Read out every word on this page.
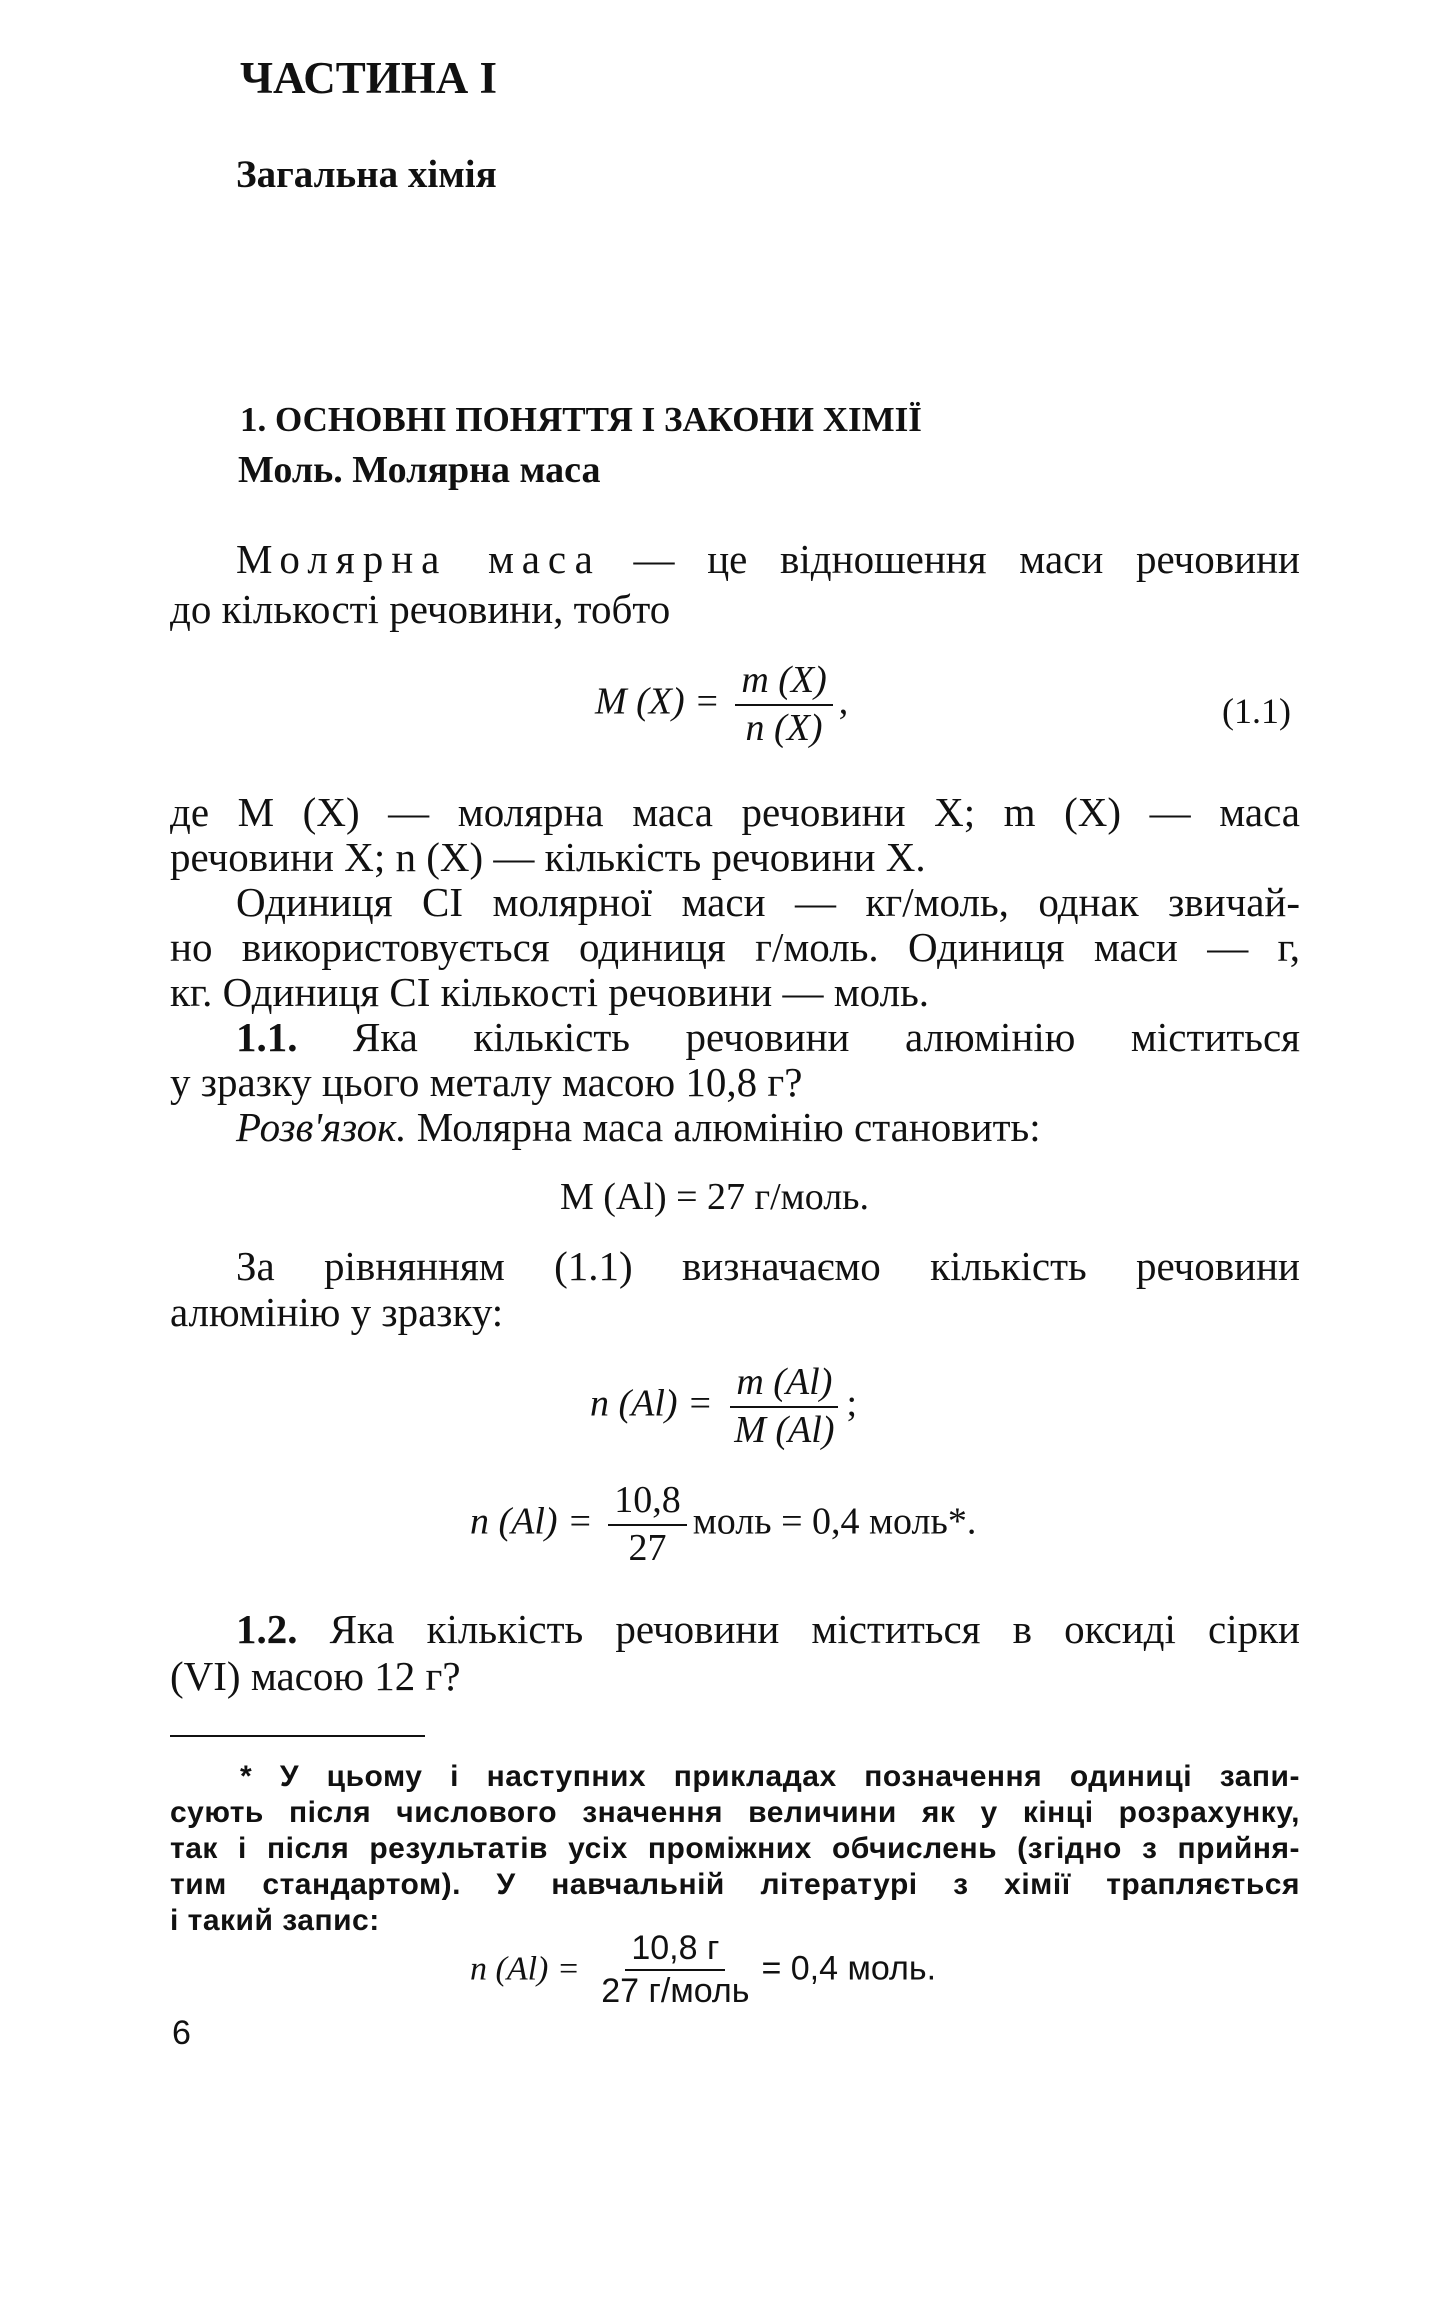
ЧАСТИНА I
Загальна хімія
1. ОСНОВНІ ПОНЯТТЯ І ЗАКОНИ ХІМІЇ
Моль. Молярна маса
Молярна маса — це відношення маси речовини
до кількості речовини, тобто
M $(X) = \frac{m (X)}{n (X)}$ ,	(1.1)
де M (X) — молярна маса речовини X; m (X) — маса
речовини X; n (X) — кількість речовини X.
Одиниця СІ молярної маси — кг/моль, однак звичай-
но використовується одиниця г/моль. Одиниця маси — г,
кг. Одиниця СІ кількості речовини — моль.
1.1. Яка кількість речовини алюмінію міститься
у зразку цього металу масою 10,8 г?
Розв'язок. Молярна маса алюмінію становить:
M (Al) = 27 г/моль.
За рівнянням (1.1) визначаємо кількість речовини
алюмінію у зразку:
n $(Al) = \frac{m (Al)}{M (Al)}$ ;
n $(Al) = \frac{10,8}{27}$ моль = 0,4 моль*.
1.2. Яка кількість речовини міститься в оксиді сірки
(VI) масою 12 г?
* У цьому і наступних прикладах позначення одиниці запи-
сують після числового значення величини як у кінці розрахунку,
так і після результатів усіх проміжних обчислень (згідно з прийня-
тим стандартом). У навчальній літературі з хімії трапляється
і такий запис:
n $(Al) = \frac{10,8 г}{\text{27 г/моль}} = 0,4$ моль.
6
